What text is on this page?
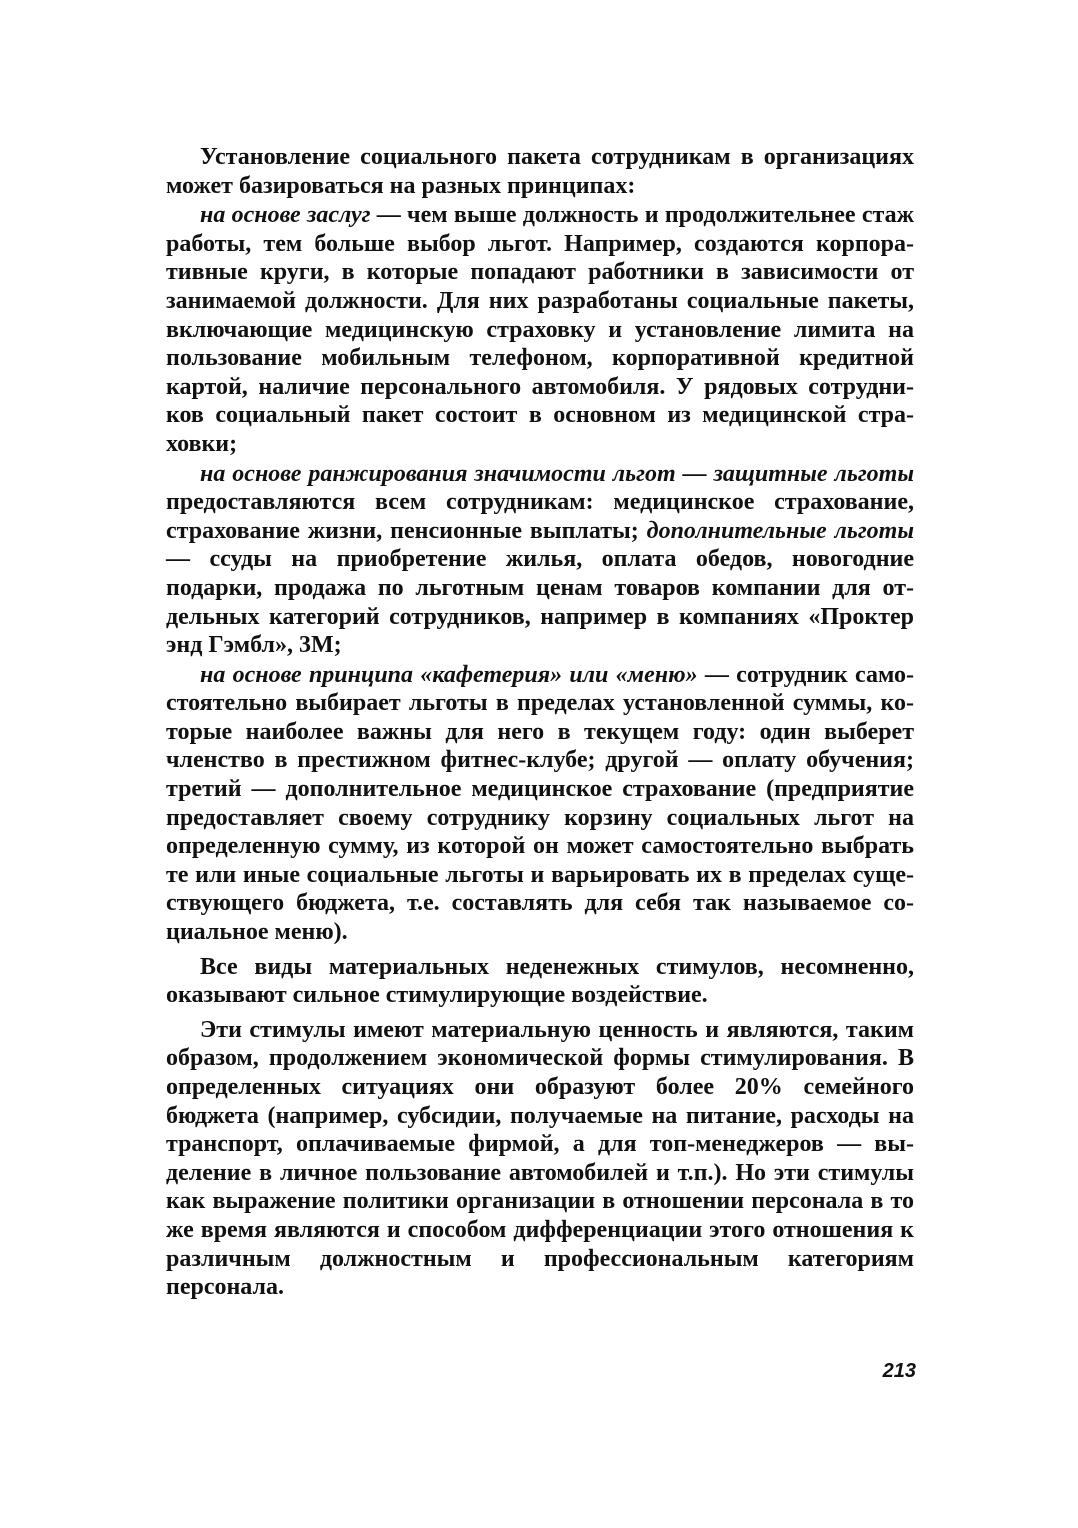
Установление социального пакета сотрудникам в организациях может базироваться на разных принципах:

на основе заслуг — чем выше должность и продолжительнее стаж работы, тем больше выбор льгот. Например, создаются корпоративные круги, в которые попадают работники в зависимости от занимаемой должности. Для них разработаны социальные пакеты, включающие медицинскую страховку и установление лимита на пользование мобильным телефоном, корпоративной кредитной картой, наличие персонального автомобиля. У рядовых сотрудников социальный пакет состоит в основном из медицинской страховки;

на основе ранжирования значимости льгот — защитные льготы предоставляются всем сотрудникам: медицинское страхование, страхование жизни, пенсионные выплаты; дополнительные льготы — ссуды на приобретение жилья, оплата обедов, новогодние подарки, продажа по льготным ценам товаров компании для отдельных категорий сотрудников, например в компаниях «Проктер энд Гэмбл», 3М;

на основе принципа «кафетерия» или «меню» — сотрудник самостоятельно выбирает льготы в пределах установленной суммы, которые наиболее важны для него в текущем году: один выберет членство в престижном фитнес-клубе; другой — оплату обучения; третий — дополнительное медицинское страхование (предприятие предоставляет своему сотруднику корзину социальных льгот на определенную сумму, из которой он может самостоятельно выбрать те или иные социальные льготы и варьировать их в пределах существующего бюджета, т.е. составлять для себя так называемое социальное меню).

Все виды материальных неденежных стимулов, несомненно, оказывают сильное стимулирующие воздействие.

Эти стимулы имеют материальную ценность и являются, таким образом, продолжением экономической формы стимулирования. В определенных ситуациях они образуют более 20% семейного бюджета (например, субсидии, получаемые на питание, расходы на транспорт, оплачиваемые фирмой, а для топ-менеджеров — выделение в личное пользование автомобилей и т.п.). Но эти стимулы как выражение политики организации в отношении персонала в то же время являются и способом дифференциации этого отношения к различным должностным и профессиональным категориям персонала.

213
